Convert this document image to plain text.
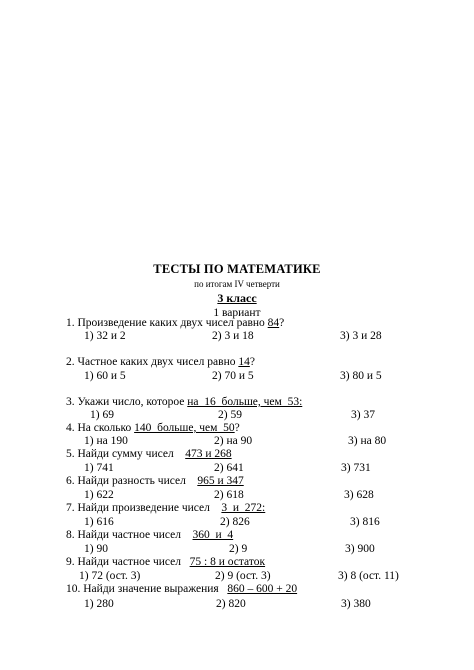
ТЕСТЫ ПО МАТЕМАТИКЕ
по итогам IV четверти
3 класс
1 вариант
1. Произведение каких двух чисел равно 84?
1) 32 и 2	2) 3 и 18	3) 3 и 28
2. Частное каких двух чисел равно 14?
1) 60 и 5	2) 70 и 5	3) 80 и 5
3. Укажи число, которое на  16  больше, чем  53:
1) 69	2) 59	3) 37
4. На сколько 140  больше, чем  50?
1) на 190	2) на 90	3) на 80
5. Найди сумму чисел    473 и 268
1) 741	2) 641	3) 731
6. Найди разность чисел    965 и 347
1) 622	2) 618	3) 628
7. Найди произведение чисел    3  и  272:
1) 616	2) 826	3) 816
8. Найди частное чисел    360  и  4
1) 90	2) 9	3) 900
9. Найди частное чисел   75 : 8 и остаток
1) 72 (ост. 3)	2) 9 (ост. 3)	3) 8 (ост. 11)
10. Найди значение выражения   860 – 600 + 20
1) 280	2) 820	3) 380
